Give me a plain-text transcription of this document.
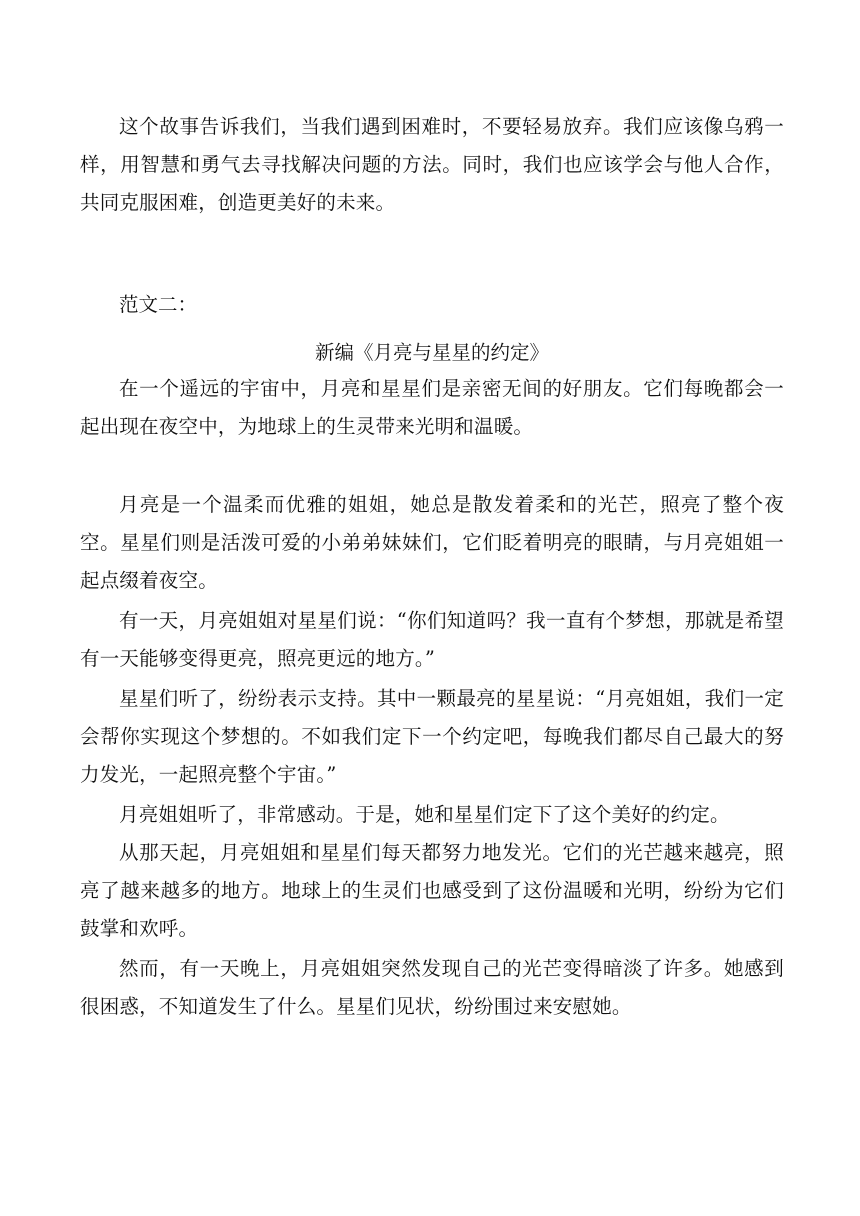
这个故事告诉我们，当我们遇到困难时，不要轻易放弃。我们应该像乌鸦一样，用智慧和勇气去寻找解决问题的方法。同时，我们也应该学会与他人合作，共同克服困难，创造更美好的未来。

范文二：

新编《月亮与星星的约定》

在一个遥远的宇宙中，月亮和星星们是亲密无间的好朋友。它们每晚都会一起出现在夜空中，为地球上的生灵带来光明和温暖。

月亮是一个温柔而优雅的姐姐，她总是散发着柔和的光芒，照亮了整个夜空。星星们则是活泼可爱的小弟弟妹妹们，它们眨着明亮的眼睛，与月亮姐姐一起点缀着夜空。

有一天，月亮姐姐对星星们说：“你们知道吗？我一直有个梦想，那就是希望有一天能够变得更亮，照亮更远的地方。”

星星们听了，纷纷表示支持。其中一颗最亮的星星说：“月亮姐姐，我们一定会帮你实现这个梦想的。不如我们定下一个约定吧，每晚我们都尽自己最大的努力发光，一起照亮整个宇宙。”

月亮姐姐听了，非常感动。于是，她和星星们定下了这个美好的约定。

从那天起，月亮姐姐和星星们每天都努力地发光。它们的光芒越来越亮，照亮了越来越多的地方。地球上的生灵们也感受到了这份温暖和光明，纷纷为它们鼓掌和欢呼。

然而，有一天晚上，月亮姐姐突然发现自己的光芒变得暗淡了许多。她感到很困惑，不知道发生了什么。星星们见状，纷纷围过来安慰她。
